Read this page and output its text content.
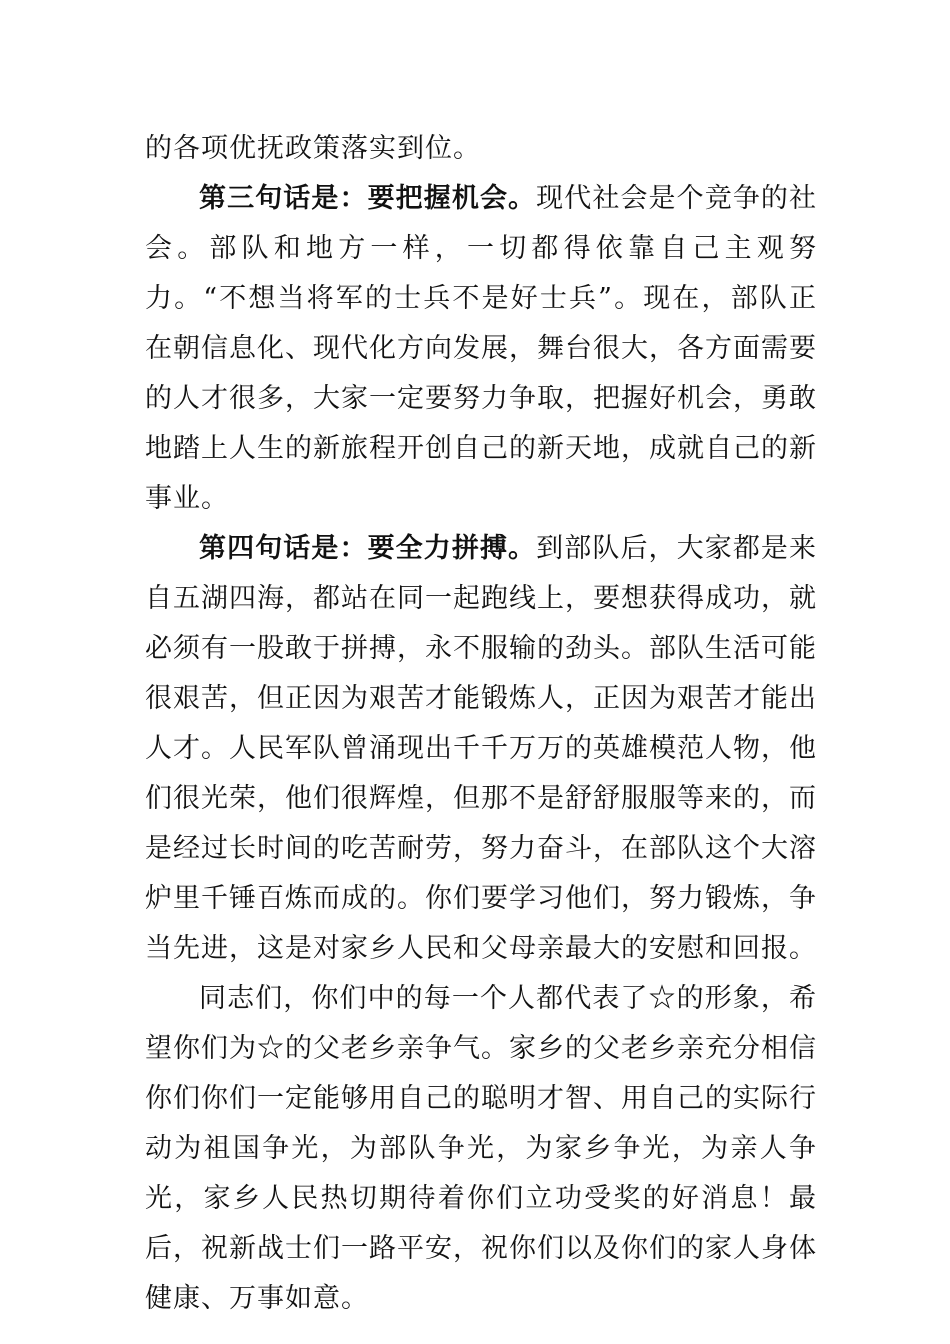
的各项优抚政策落实到位。

第三句话是：要把握机会。现代社会是个竞争的社会。部队和地方一样，一切都得依靠自己主观努力。“不想当将军的士兵不是好士兵”。现在，部队正在朝信息化、现代化方向发展，舞台很大，各方面需要的人才很多，大家一定要努力争取，把握好机会，勇敢地踏上人生的新旅程开创自己的新天地，成就自己的新事业。

第四句话是：要全力拼搏。到部队后，大家都是来自五湖四海，都站在同一起跑线上，要想获得成功，就必须有一股敢于拼搏，永不服输的劲头。部队生活可能很艰苦，但正因为艰苦才能锻炼人，正因为艰苦才能出人才。人民军队曾涌现出千千万万的英雄模范人物，他们很光荣，他们很辉煌，但那不是舒舒服服等来的，而是经过长时间的吃苦耐劳，努力奋斗，在部队这个大溶炉里千锤百炼而成的。你们要学习他们，努力锻炼，争当先进，这是对家乡人民和父母亲最大的安慰和回报。

同志们，你们中的每一个人都代表了☆的形象，希望你们为☆的父老乡亲争气。家乡的父老乡亲充分相信你们你们一定能够用自己的聪明才智、用自己的实际行动为祖国争光，为部队争光，为家乡争光，为亲人争光，家乡人民热切期待着你们立功受奖的好消息！最后，祝新战士们一路平安，祝你们以及你们的家人身体健康、万事如意。
